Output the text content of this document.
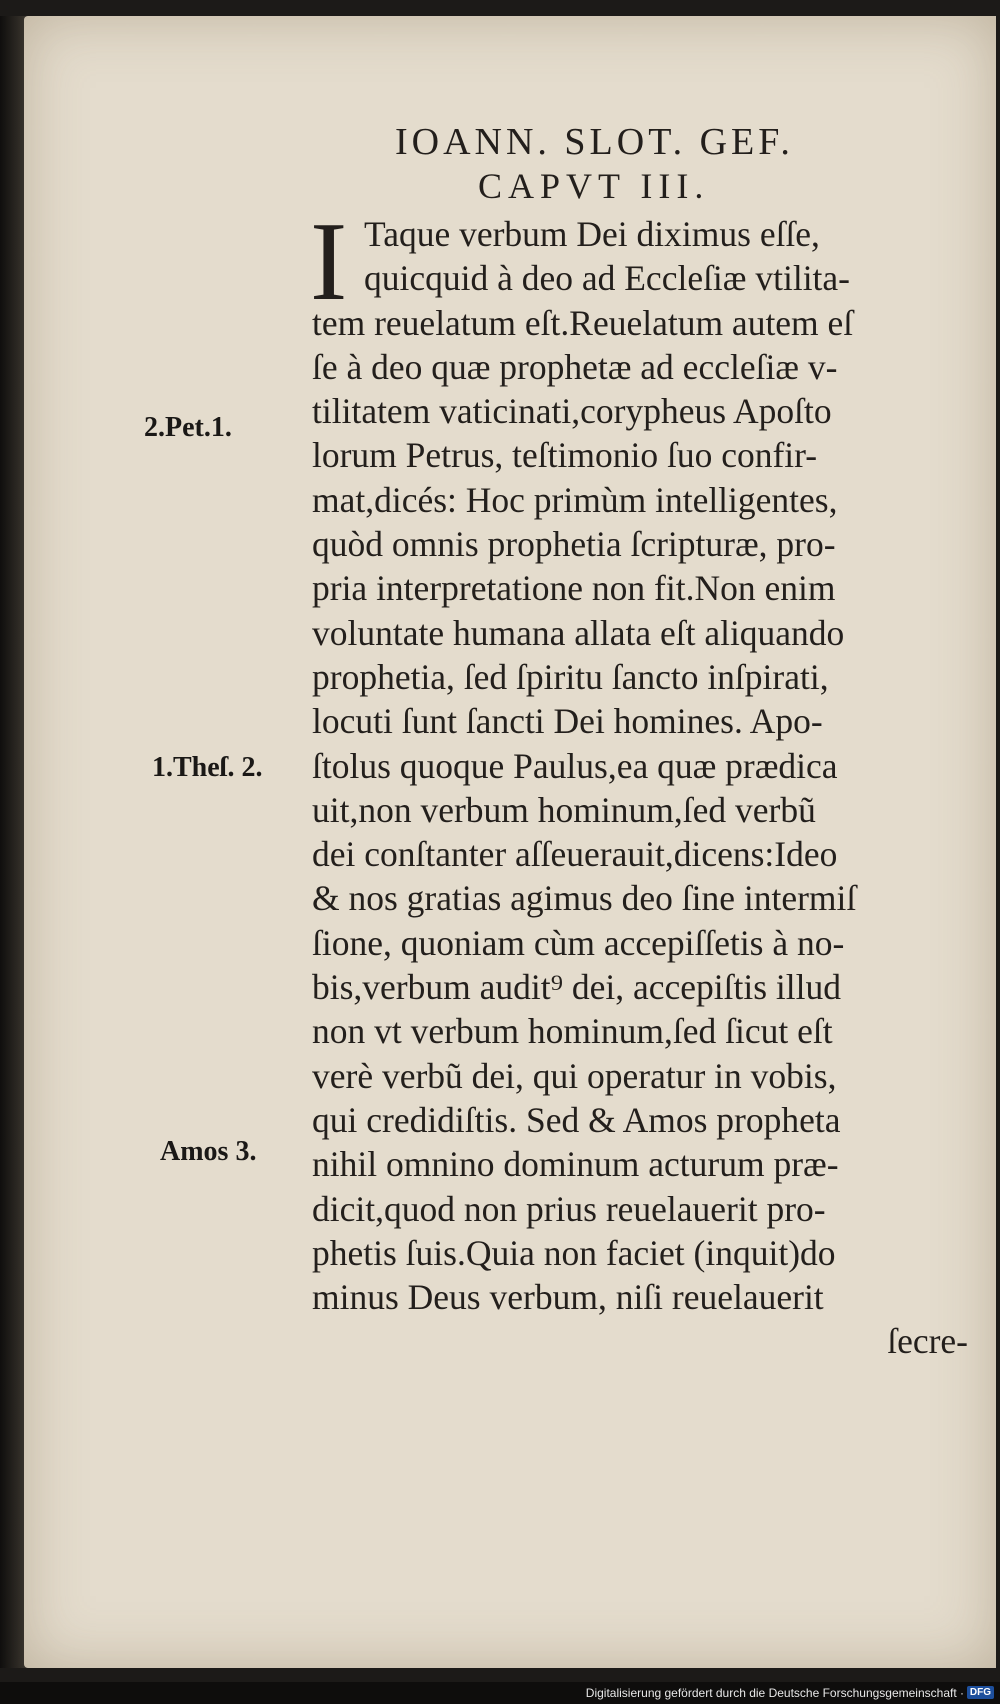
IOANN. SLOT. GEF.
CAPVT III.
I Taque verbum Dei diximus eſſe,
quicquid à deo ad Eccleſiæ vtilita-
tem reuelatum eſt.Reuelatum autem eſ
ſe à deo quæ prophetæ ad eccleſiæ v-
tilitatem vaticinati,corypheus Apoſto
lorum Petrus, teſtimonio ſuo confir-
mat,dicés: Hoc primùm intelligentes,
quòd omnis prophetia ſcripturæ, pro-
pria interpretatione non fit.Non enim
voluntate humana allata eſt aliquando
prophetia, ſed ſpiritu ſancto inſpirati,
locuti ſunt ſancti Dei homines. Apo-
ſtolus quoque Paulus,ea quæ prædica
uit,non verbum hominum,ſed verbũ
dei conſtanter aſſeuerauit,dicens:Ideo
& nos gratias agimus deo ſine intermiſ
ſione, quoniam cùm accepiſſetis à no-
bis,verbum audit⁹ dei, accepiſtis illud
non vt verbum hominum,ſed ſicut eſt
verè verbũ dei, qui operatur in vobis,
qui credidiſtis. Sed & Amos propheta
nihil omnino dominum acturum præ-
dicit,quod non prius reuelauerit pro-
phetis ſuis.Quia non faciet (inquit)do
minus Deus verbum, niſi reuelauerit
ſecre-
2.Pet.1.
1.Theſ. 2.
Amos 3.
Digitalisierung gefördert durch die Deutsche Forschungsgemeinschaft · DFG
